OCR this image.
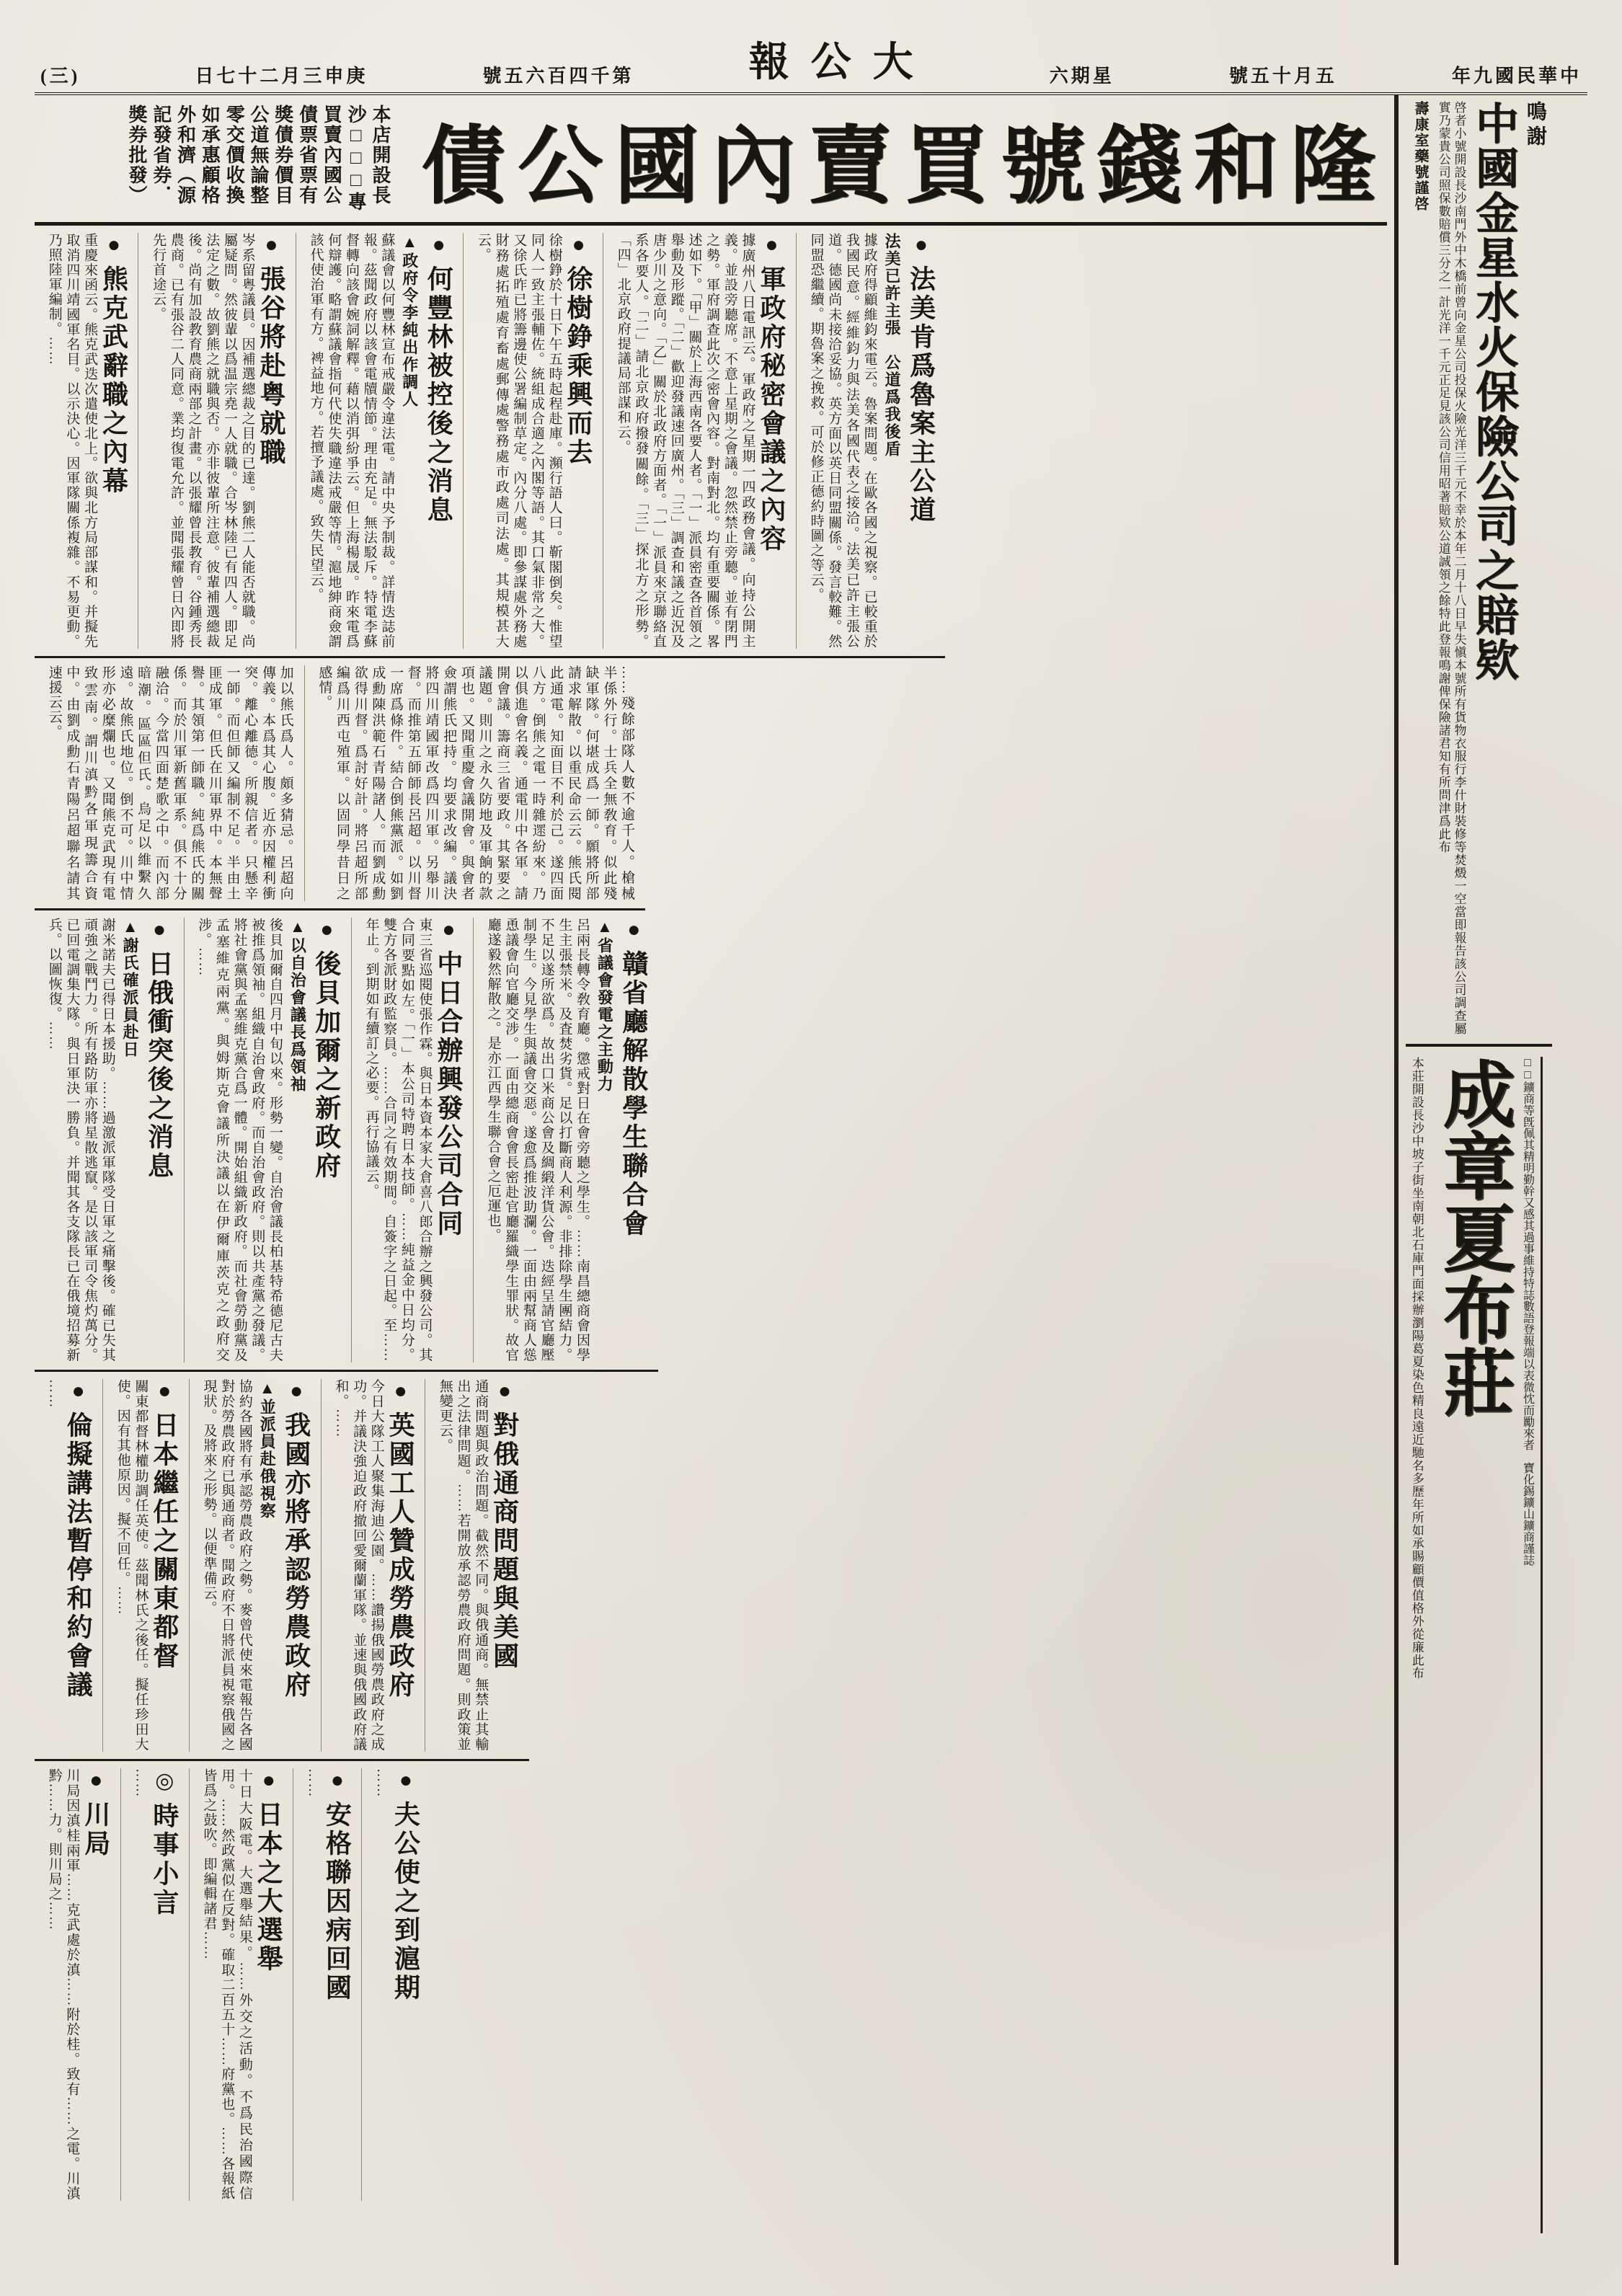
(三)	庚申三月二十七日	第千四百六五號	大公報	星期六	五月十五號	中華民國九年
隆和錢號買賣內國公債
本店開設長沙□□□專買賣內國公債票省票有獎債券價目公道無論整零交價收換如承惠顧格外和濟（源記發省券．獎券批發）
● 法美肯爲魯案主公道
法美已許主張　公道爲我後盾
據政府得顧維鈞來電云。魯案問題。在歐各國之視察。已較重於我國民意。經維鈞力與法美各國代表之接洽。法美已許主張公道。德國尚未接洽妥協。英方面以英日同盟關係。發言較難。然同盟恐繼續。期魯案之挽救。可於修正德約時圖之等云。
● 軍政府秘密會議之內容
據廣州八日電訊云。軍政府之星期一四政務會議。向持公開主義。並設旁聽席。不意上星期之會議。忽然禁止旁聽。並有閉門之勢。軍府調查此次之密會內容。對南對北。均有重要關係。畧述如下。「甲」關於上海西南各要人者。「一」派員密查各首領之舉動及形蹤。「二」歡迎發議速回廣州。「三」調查和議之近況及唐少川之意向。「乙」關於北政府方面者。「一」派員來京聯絡直系各要人。「二」請北京政府撥發關餘。「三」探北方之形勢。「四」北京政府提議局部謀和云。
● 徐樹錚乘興而去
徐樹錚於十日下午五時起程赴庫。瀕行語人曰。靳閣倒矣。惟望同人一致主張輔佐。統組成合適之內閣等語。其口氣非常之大。又徐氏昨已將籌邊使公署編制草定。內分八處。即參謀處外務處財務處拓殖處育畜處郵傳處警務處市政處司法處。其規模甚大云。
● 何豐林被控後之消息
▲政府令李純出作調人
蘇議會以何豐林宣布戒嚴令違法電。請中央予制裁。詳情迭誌前報。茲聞政府以該會電牘情節。理由充足。無法駁斥。特電李蘇督轉向該會婉詞解釋。藉以消弭紛爭云。但上海楊晟。昨來電爲何辯護。略謂蘇議會指何代使失職違法戒嚴等情。滬地紳商僉謂該代使治軍有方。裨益地方。若擅予議處。致失民望云。
● 張谷將赴粤就職
岑系留粤議員。因補選總裁之目的已達。劉熊二人能否就職。尚屬疑問。然彼輩以爲温宗堯一人就職。合岑林陸已有四人。即足法定之數。故劉熊之就職與否。亦非彼輩所注意。彼輩補選總裁後。尚有加設教育農商兩部之計畫。以張耀曾長教育。谷鍾秀長農商。已有張谷二人同意。業均復電允許。並聞張耀曾日內即將先行首途云。
● 熊克武辭職之內幕
重慶來函云。熊克武迭次遣使北上。欲與北方局部謀和。并擬先取消四川靖國軍名目。以示決心。因軍隊關係複雜。不易更動。乃照陸軍編制。……
……殘餘部隊人數不逾千人。槍械半係外行。士兵全無敎育。似此殘缺軍隊。何堪成爲一師。願將所部請求解散。以重民命云云。熊氏閱此通電。知面目不利於己。遂四面八方。倒熊之電一時雜遝紛來。乃以俱進會名義。通電川中各軍。請開會議。籌商三省要政。其緊要之議題。則川之永久防地及軍餉的款項也。又聞重慶會議開會。與會者僉謂熊氏把持。均要求改編。議決將四川靖國軍改爲四川軍。另舉川督。而推第五師師長呂超。以川督一席爲條件。結合倒熊黨派。如劉成勳陳洪範石青陽諸人。而劉成勳欲得川督。爲討好計。將呂超所部編爲川西屯殖軍。以固同學昔日之感情。
加以熊氏爲人。頗多猜忌。呂超向傳義。本爲其心腹。近亦因權利衝突。離心離德。所親信者。只懸辛一師。而但師又編制不足。半由土匪成軍。但氏在川軍界中。本無聲譽。其領第一師職。純爲熊氏的關係。而於川軍新舊軍系。俱不十分融洽。今當四面楚歌之中。而內部暗潮。區區但氏。烏足以維繫久遠。故熊氏地位。倒不可。川中情形亦必糜爛也。又聞熊克武現有電致雲南。謂川滇黔各軍現籌合資中。由劉成勳石青陽呂超聯名請其速援云云。
● 贛省廳解散學生聯合會
▲省議會發電之主動力
呂兩長轉令敎育廳。懲戒對日在會旁聽之學生。……南昌總商會因學生主張禁米。及査焚劣貨。足以打斷商人利源。非排除學生團結力。不足以遂所欲爲。故出口米商公會及綢緞洋貨公會。迭經呈請官廳壓制學生。今見學生與議會交惡。遂愈爲推波助瀾。一面由兩幫商人慫恿議會向官廳交涉。一面由總商會會長密赴官廳羅織學生罪狀。故官廳遂毅然解散之。是亦江西學生聯合會之厄運也。
● 中日合辦興發公司合同
東三省巡閱使張作霖。與日本資本家大倉喜八郎合辦之興發公司。其合同要點如左。「一」本公司特聘日本技師。……純益金中日均分。雙方各派財政監察員。……合同之有效期間。自簽字之日起。至……年止。到期如有續訂之必要。再行協議云。
● 後貝加爾之新政府
▲以自治會議長爲領袖
後貝加爾自四月中旬以來。形勢一變。自治會議長柏基特希德尼古夫被推爲領袖。組織自治會政府。而自治會政府。則以共產黨之發議。將社會黨與孟塞維克黨合爲一體。開始組織新政府。而社會勞動黨及孟塞維克兩黨。與姆斯克會議所決議以在伊爾庫茨克之政府交涉。……
● 日俄衝突後之消息
▲謝氏確派員赴日
謝米諾夫已得日本援助。……過激派軍隊受日軍之痛擊後。確已失其頑強之戰鬥力。所有路防軍亦將星散逃竄。是以該軍司令焦灼萬分。已回電調集大隊。與日軍決一勝負。并聞其各支隊長已在俄境招募新兵。以圖恢復。……
● 對俄通商問題與美國
通商問題與政治問題。截然不同。與俄通商。無禁止其輸出之法律問題。……若開放承認勞農政府問題。則政策並無變更云。
● 英國工人贊成勞農政府
今日大隊工人聚集海迪公園。……讚揚俄國勞農政府之成功。并議決強迫政府撤回愛爾蘭軍隊。並速與俄國政府議和。……
● 我國亦將承認勞農政府
▲並派員赴俄視察
協約各國將有承認勞農政府之勢。麥曾代使來電報告各國對於勞農政府已與通商者。聞政府不日將派員視察俄國之現狀。及將來之形勢。以便準備云。
● 日本繼任之關東都督
關東都督林權助調任英使。茲聞林氏之後任。擬任珍田大使。因有其他原因。擬不回任。……
● 倫擬講法暫停和約會議
……
● 夫公使之到滬期
……
● 安格聯因病回國
……
● 日本之大選舉
十日大阪電。大選舉結果。……外交之活動。不爲民治國際信用。……然政黨似在反對。確取二百五十……府黨也。……各報紙皆爲之鼓吹。即編輯諸君……
◎ 時事小言
……
● 川局
川局因滇桂兩軍……克武處於滇……附於桂。致有……之電。川滇黔……力。則川局之……
鳴謝
中國金星水火保險公司之賠欵
啓者小號開設長沙南門外中木橋前曾向金星公司投保火險光洋三千元不幸於本年二月十八日早失愼本號所有貨物衣服行李什財裝修等焚燬一空當即報告該公司調查屬實乃蒙貴公司照保數賠償三分之一計光洋一千元正足見該公司信用昭著賠欵公道誠領之餘特此登報鳴謝俾保險諸君知有所問津爲此布
壽康室藥號謹啓
□□鑛商等旣佩其精明勤幹又感其過事維持特誌數語登報端以表微忱而勵來者　寶化錫鑛山鑛商謹誌
成章夏布莊
本莊開設長沙中坡子街坐南朝北石庫門面採辦瀏陽葛夏染色精良遠近馳名多歷年所如承賜顧價值格外從廉此布
